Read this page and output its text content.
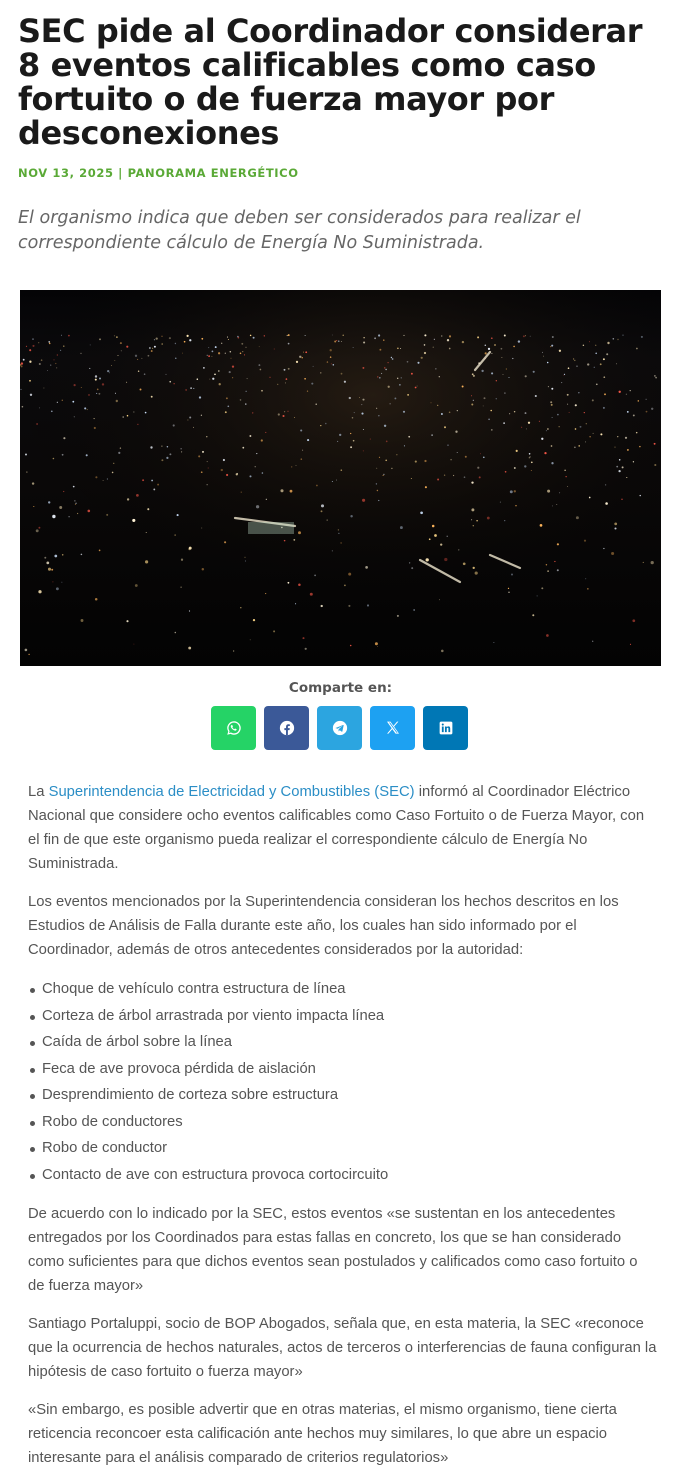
SEC pide al Coordinador considerar 8 eventos calificables como caso fortuito o de fuerza mayor por desconexiones
NOV 13, 2025 | PANORAMA ENERGÉTICO

El organismo indica que deben ser considerados para realizar el correspondiente cálculo de Energía No Suministrada.

Comparte en:

La Superintendencia de Electricidad y Combustibles (SEC) informó al Coordinador Eléctrico Nacional que considere ocho eventos calificables como Caso Fortuito o de Fuerza Mayor, con el fin de que este organismo pueda realizar el correspondiente cálculo de Energía No Suministrada.

Los eventos mencionados por la Superintendencia consideran los hechos descritos en los Estudios de Análisis de Falla durante este año, los cuales han sido informado por el Coordinador, además de otros antecedentes considerados por la autoridad:

Choque de vehículo contra estructura de línea
Corteza de árbol arrastrada por viento impacta línea
Caída de árbol sobre la línea
Feca de ave provoca pérdida de aislación
Desprendimiento de corteza sobre estructura
Robo de conductores
Robo de conductor
Contacto de ave con estructura provoca cortocircuito

De acuerdo con lo indicado por la SEC, estos eventos «se sustentan en los antecedentes entregados por los Coordinados para estas fallas en concreto, los que se han considerado como suficientes para que dichos eventos sean postulados y calificados como caso fortuito o de fuerza mayor»

Santiago Portaluppi, socio de BOP Abogados, señala que, en esta materia, la SEC «reconoce que la ocurrencia de hechos naturales, actos de terceros o interferencias de fauna configuran la hipótesis de caso fortuito o fuerza mayor»

«Sin embargo, es posible advertir que en otras materias, el mismo organismo, tiene cierta reticencia reconcoer esta calificación ante hechos muy similares, lo que abre un espacio interesante para el análisis comparado de criterios regulatorios»
